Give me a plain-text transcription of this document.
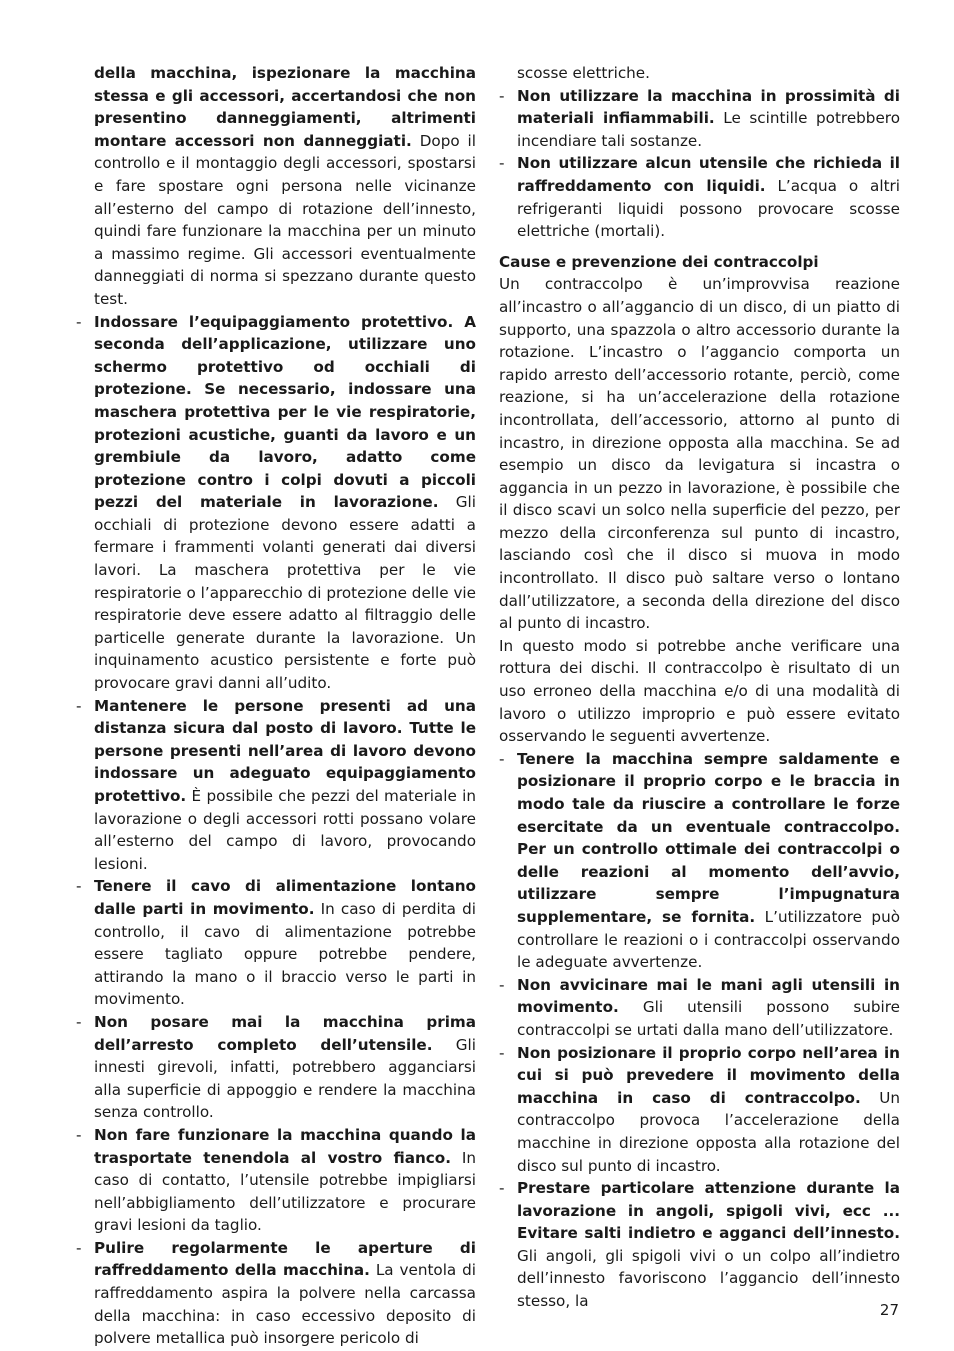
della macchina, ispezionare la macchina stessa e gli accessori, accertandosi che non presentino danneggiamenti, altrimenti montare accessori non danneggiati. Dopo il controllo e il montaggio degli accessori, spostarsi e fare spostare ogni persona nelle vicinanze all’esterno del campo di rotazione dell’innesto, quindi fare funzionare la macchina per un minuto a massimo regime. Gli accessori eventualmente danneggiati di norma si spezzano durante questo test.

- Indossare l’equipaggiamento protettivo. A seconda dell’applicazione, utilizzare uno schermo protettivo od occhiali di protezione. Se necessario, indossare una maschera protettiva per le vie respiratorie, protezioni acustiche, guanti da lavoro e un grembiule da lavoro, adatto come protezione contro i colpi dovuti a piccoli pezzi del materiale in lavorazione. Gli occhiali di protezione devono essere adatti a fermare i frammenti volanti generati dai diversi lavori. La maschera protettiva per le vie respiratorie o l’apparecchio di protezione delle vie respiratorie deve essere adatto al filtraggio delle particelle generate durante la lavorazione. Un inquinamento acustico persistente e forte può provocare gravi danni all’udito.

- Mantenere le persone presenti ad una distanza sicura dal posto di lavoro. Tutte le persone presenti nell’area di lavoro devono indossare un adeguato equipaggiamento protettivo. È possibile che pezzi del materiale in lavorazione o degli accessori rotti possano volare all’esterno del campo di lavoro, provocando lesioni.

- Tenere il cavo di alimentazione lontano dalle parti in movimento. In caso di perdita di controllo, il cavo di alimentazione potrebbe essere tagliato oppure potrebbe pendere, attirando la mano o il braccio verso le parti in movimento.

- Non posare mai la macchina prima dell’arresto completo dell’utensile. Gli innesti girevoli, infatti, potrebbero agganciarsi alla superficie di appoggio e rendere la macchina senza controllo.

- Non fare funzionare la macchina quando la trasportate tenendola al vostro fianco. In caso di contatto, l’utensile potrebbe impigliarsi nell’abbigliamento dell’utilizzatore e procurare gravi lesioni da taglio.

- Pulire regolarmente le aperture di raffreddamento della macchina. La ventola di raffreddamento aspira la polvere nella carcassa della macchina: in caso eccessivo deposito di polvere metallica può insorgere pericolo di

scosse elettriche.

- Non utilizzare la macchina in prossimità di materiali infiammabili. Le scintille potrebbero incendiare tali sostanze.

- Non utilizzare alcun utensile che richieda il raffreddamento con liquidi. L’acqua o altri refrigeranti liquidi possono provocare scosse elettriche (mortali).

Cause e prevenzione dei contraccolpi

Un contraccolpo è un’improvvisa reazione all’incastro o all’aggancio di un disco, di un piatto di supporto, una spazzola o altro accessorio durante la rotazione. L’incastro o l’aggancio comporta un rapido arresto dell’accessorio rotante, perciò, come reazione, si ha un’accelerazione della rotazione incontrollata, dell’accessorio, attorno al punto di incastro, in direzione opposta alla macchina. Se ad esempio un disco da levigatura si incastra o aggancia in un pezzo in lavorazione, è possibile che il disco scavi un solco nella superficie del pezzo, per mezzo della circonferenza sul punto di incastro, lasciando così che il disco si muova in modo incontrollato. Il disco può saltare verso o lontano dall’utilizzatore, a seconda della direzione del disco al punto di incastro.

In questo modo si potrebbe anche verificare una rottura dei dischi. Il contraccolpo è risultato di un uso erroneo della macchina e/o di una modalità di lavoro o utilizzo improprio e può essere evitato osservando le seguenti avvertenze.

- Tenere la macchina sempre saldamente e posizionare il proprio corpo e le braccia in modo tale da riuscire a controllare le forze esercitate da un eventuale contraccolpo. Per un controllo ottimale dei contraccolpi o delle reazioni al momento dell’avvio, utilizzare sempre l’impugnatura supplementare, se fornita. L’utilizzatore può controllare le reazioni o i contraccolpi osservando le adeguate avvertenze.

- Non avvicinare mai le mani agli utensili in movimento. Gli utensili possono subire contraccolpi se urtati dalla mano dell’utilizzatore.

- Non posizionare il proprio corpo nell’area in cui si può prevedere il movimento della macchina in caso di contraccolpo. Un contraccolpo provoca l’accelerazione della macchine in direzione opposta alla rotazione del disco sul punto di incastro.

- Prestare particolare attenzione durante la lavorazione in angoli, spigoli vivi, ecc ... Evitare salti indietro e agganci dell’innesto. Gli angoli, gli spigoli vivi o un colpo all’indietro dell’innesto favoriscono l’aggancio dell’innesto stesso, la	27
